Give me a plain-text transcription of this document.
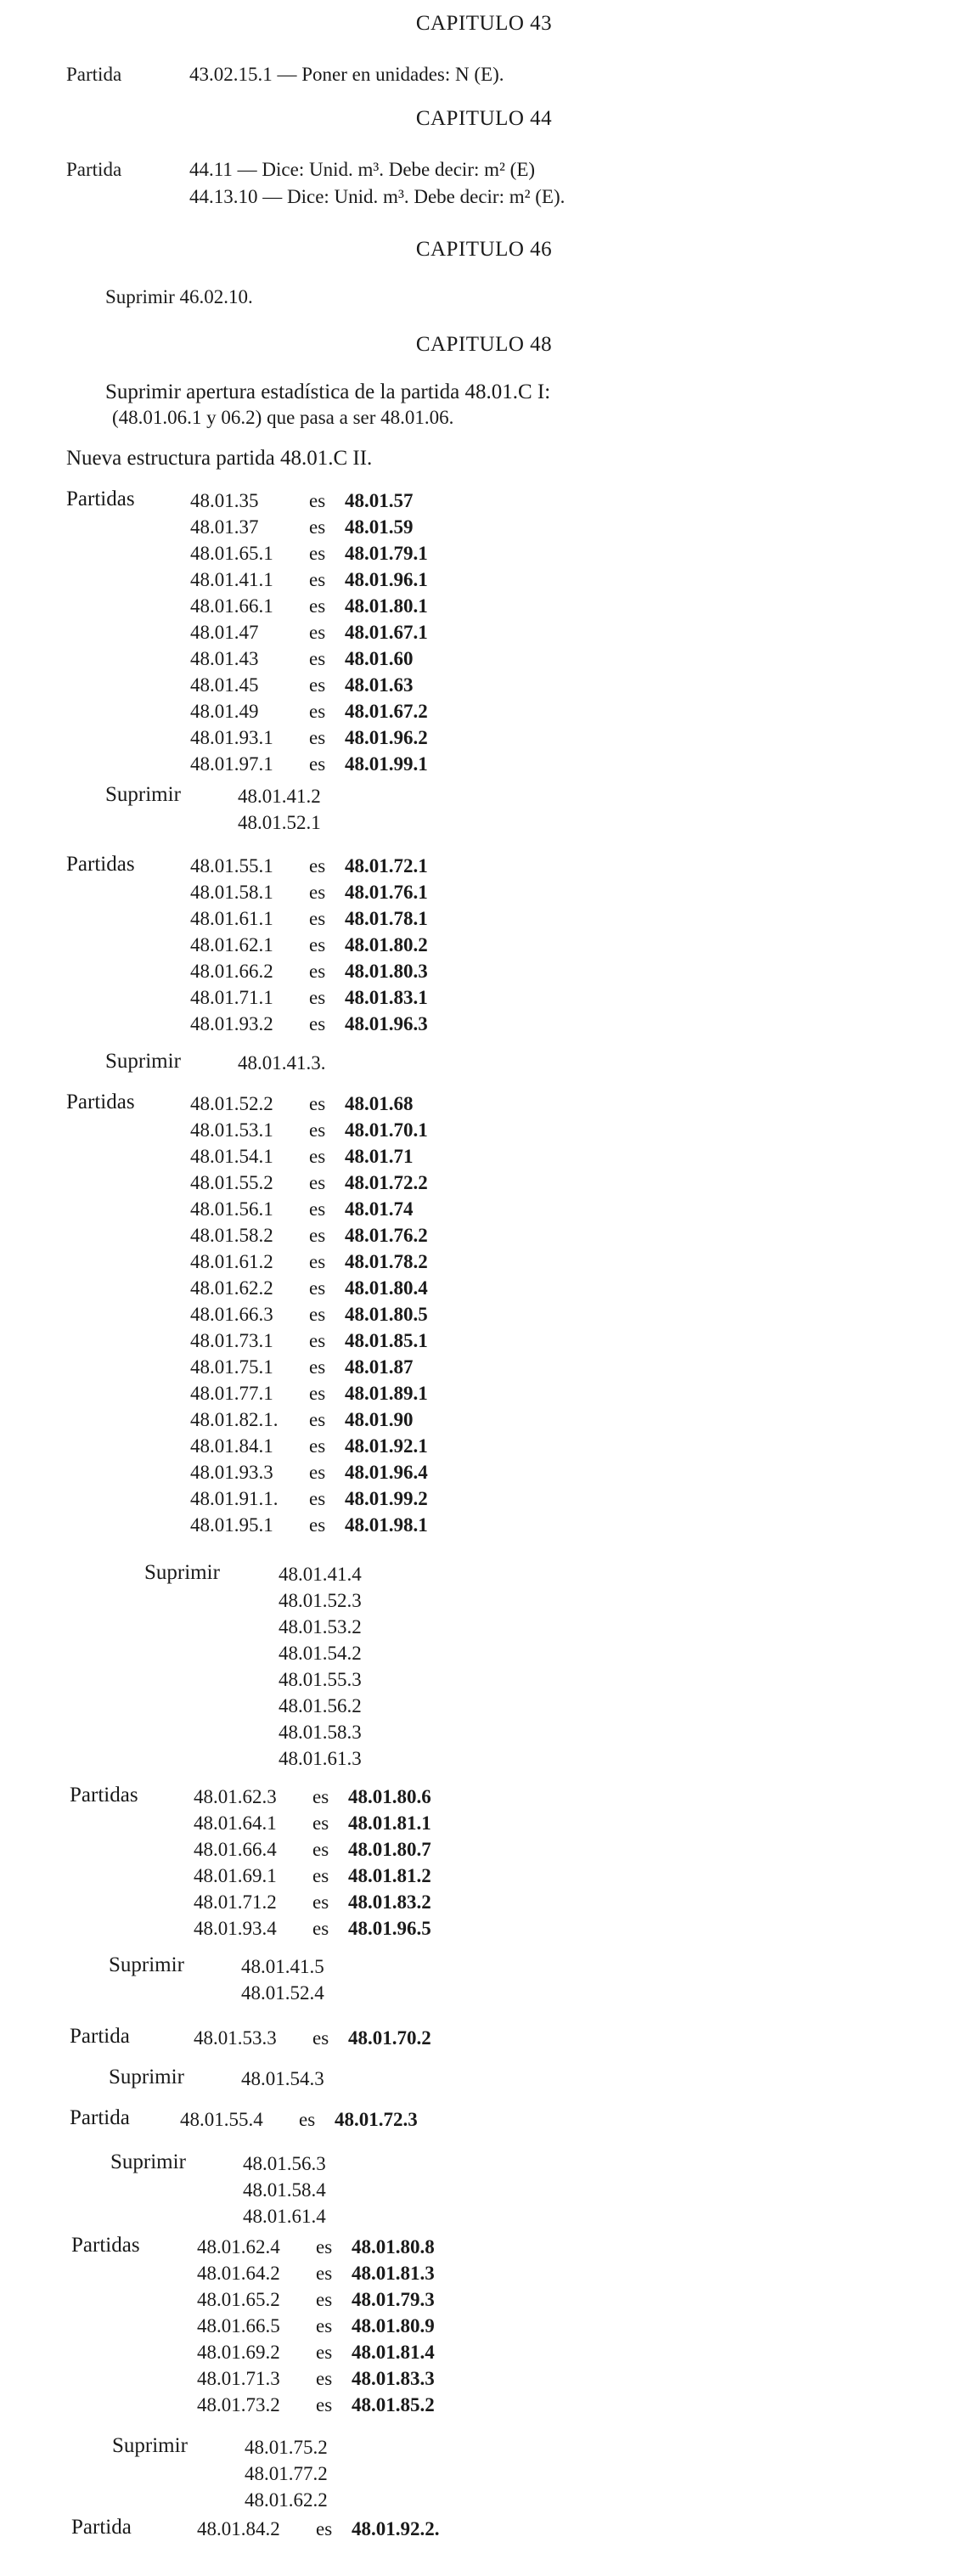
CAPITULO 43
Partida	43.02.15.1 — Poner en unidades: N (E).
CAPITULO 44
Partida	44.11 — Dice: Unid. m³. Debe decir: m² (E)
44.13.10 — Dice: Unid. m³. Debe decir: m² (E).
CAPITULO 46
Suprimir 46.02.10.
CAPITULO 48
Suprimir apertura estadística de la partida 48.01.C I:
(48.01.06.1 y 06.2) que pasa a ser 48.01.06.
Nueva estructura partida 48.01.C II.
Partidas	48.01.35	es 48.01.57
48.01.37	es 48.01.59
48.01.65.1 es 48.01.79.1
48.01.41.1 es 48.01.96.1
48.01.66.1 es 48.01.80.1
48.01.47	es 48.01.67.1
48.01.43	es 48.01.60
48.01.45	es 48.01.63
48.01.49	es 48.01.67.2
48.01.93.1 es 48.01.96.2
48.01.97.1 es 48.01.99.1
Suprimir	48.01.41.2
48.01.52.1
Partidas	48.01.55.1 es 48.01.72.1
48.01.58.1 es 48.01.76.1
48.01.61.1 es 48.01.78.1
48.01.62.1 es 48.01.80.2
48.01.66.2 es 48.01.80.3
48.01.71.1 es 48.01.83.1
48.01.93.2 es 48.01.96.3
Suprimir	48.01.41.3.
Partidas	48.01.52.2 es 48.01.68
48.01.53.1 es 48.01.70.1
48.01.54.1 es 48.01.71
48.01.55.2 es 48.01.72.2
48.01.56.1 es 48.01.74
48.01.58.2 es 48.01.76.2
48.01.61.2 es 48.01.78.2
48.01.62.2 es 48.01.80.4
48.01.66.3 es 48.01.80.5
48.01.73.1 es 48.01.85.1
48.01.75.1 es 48.01.87
48.01.77.1 es 48.01.89.1
48.01.82.1. es 48.01.90
48.01.84.1 es 48.01.92.1
48.01.93.3 es 48.01.96.4
48.01.91.1. es 48.01.99.2
48.01.95.1 es 48.01.98.1
Suprimir	48.01.41.4
48.01.52.3
48.01.53.2
48.01.54.2
48.01.55.3
48.01.56.2
48.01.58.3
48.01.61.3
Partidas	48.01.62.3 es 48.01.80.6
48.01.64.1 es 48.01.81.1
48.01.66.4 es 48.01.80.7
48.01.69.1 es 48.01.81.2
48.01.71.2 es 48.01.83.2
48.01.93.4 es 48.01.96.5
Suprimir	48.01.41.5
48.01.52.4
Partida	48.01.53.3 es 48.01.70.2
Suprimir	48.01.54.3
Partida	48.01.55.4 es 48.01.72.3
Suprimir	48.01.56.3
48.01.58.4
48.01.61.4
Partidas	48.01.62.4 es 48.01.80.8
48.01.64.2 es 48.01.81.3
48.01.65.2 es 48.01.79.3
48.01.66.5 es 48.01.80.9
48.01.69.2 es 48.01.81.4
48.01.71.3 es 48.01.83.3
48.01.73.2 es 48.01.85.2
Suprimir	48.01.75.2
48.01.77.2
48.01.62.2
Partida	48.01.84.2 es 48.01.92.2.
